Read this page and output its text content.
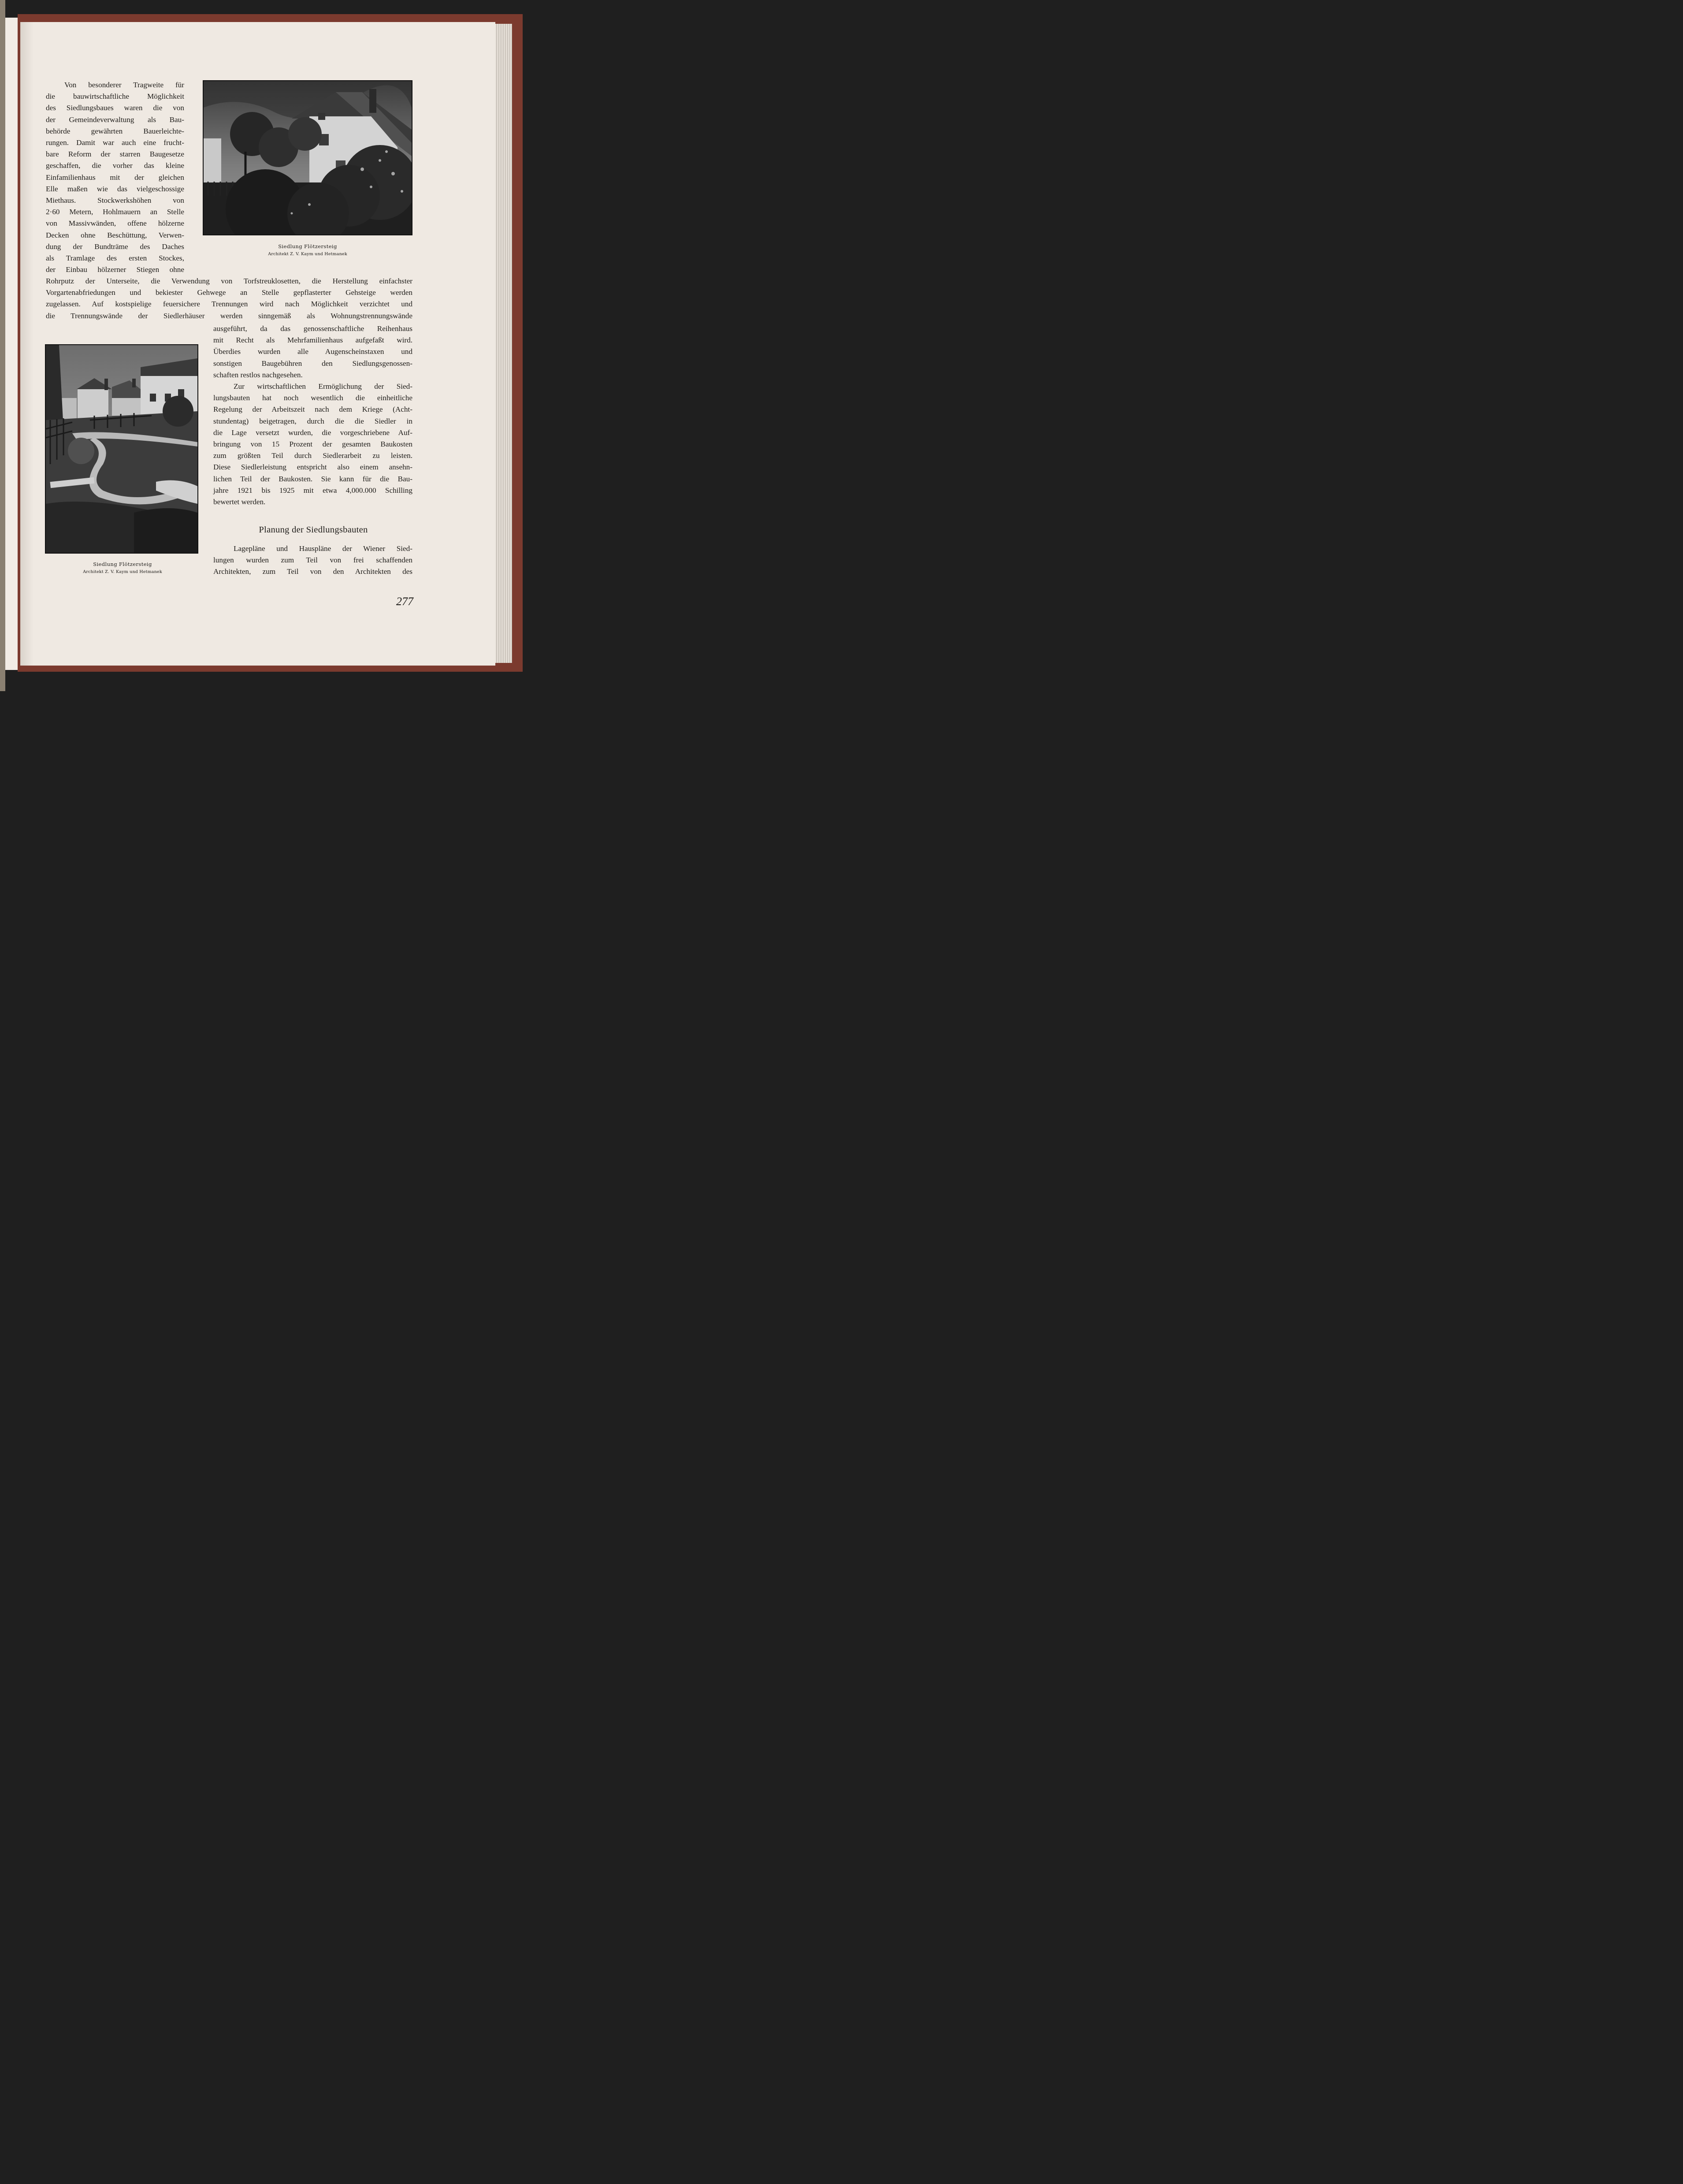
Siedlung Flötzersteig
Architekt Z. V. Kaym und Hetmanek
Siedlung Flötzersteig
Architekt Z. V. Kaym und Hetmanek
Von besonderer Tragweite für
die bauwirtschaftliche Möglichkeit
des Siedlungsbaues waren die von
der Gemeindeverwaltung als Bau-
behörde gewährten Bauerleichte-
rungen. Damit war auch eine frucht-
bare Reform der starren Baugesetze
geschaffen, die vorher das kleine
Einfamilienhaus mit der gleichen
Elle maßen wie das vielgeschossige
Miethaus. Stockwerkshöhen von
2·60 Metern, Hohlmauern an Stelle
von Massivwänden, offene hölzerne
Decken ohne Beschüttung, Verwen-
dung der Bundträme des Daches
als Tramlage des ersten Stockes,
der Einbau hölzerner Stiegen ohne
Rohrputz der Unterseite, die Verwendung von Torfstreuklosetten, die Herstellung einfachster
Vorgartenabfriedungen und bekiester Gehwege an Stelle gepflasterter Gehsteige werden
zugelassen. Auf kostspielige feuersichere Trennungen wird nach Möglichkeit verzichtet und
die Trennungswände der Siedlerhäuser werden sinngemäß als Wohnungstrennungswände
ausgeführt, da das genossenschaftliche Reihenhaus
mit Recht als Mehrfamilienhaus aufgefaßt wird.
Überdies wurden alle Augenscheinstaxen und
sonstigen Baugebühren den Siedlungsgenossen-
schaften restlos nachgesehen.
Zur wirtschaftlichen Ermöglichung der Sied-
lungsbauten hat noch wesentlich die einheitliche
Regelung der Arbeitszeit nach dem Kriege (Acht-
stundentag) beigetragen, durch die die Siedler in
die Lage versetzt wurden, die vorgeschriebene Auf-
bringung von 15 Prozent der gesamten Baukosten
zum größten Teil durch Siedlerarbeit zu leisten.
Diese Siedlerleistung entspricht also einem ansehn-
lichen Teil der Baukosten. Sie kann für die Bau-
jahre 1921 bis 1925 mit etwa 4,000.000 Schilling
bewertet werden.
Planung der Siedlungsbauten
Lagepläne und Hauspläne der Wiener Sied-
lungen wurden zum Teil von frei schaffenden
Architekten, zum Teil von den Architekten des
277
